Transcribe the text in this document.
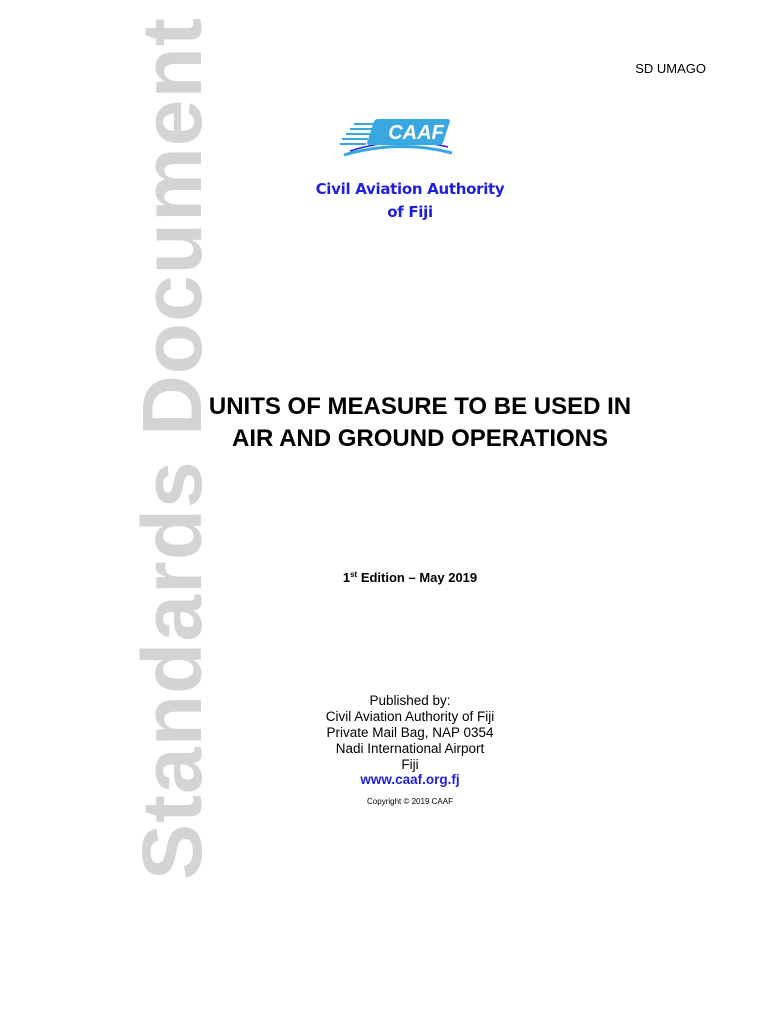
Standards Document	SD UMAGO
CAAF
Civil Aviation Authority
of Fiji
UNITS OF MEASURE TO BE USED IN
AIR AND GROUND OPERATIONS
1st Edition – May 2019
Published by:
Civil Aviation Authority of Fiji
Private Mail Bag, NAP 0354
Nadi International Airport
Fiji
www.caaf.org.fj
Copyright © 2019 CAAF
